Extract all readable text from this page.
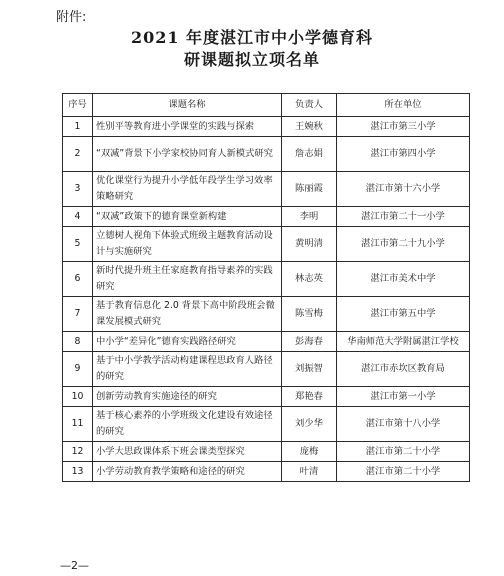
附件:
2021 年度湛江市中小学德育科
研课题拟立项名单
序号	课题名称	负责人	所在单位
1	性别平等教育进小学课堂的实践与探索	王婉秋	湛江市第三小学
2	“双减”背景下小学家校协同育人新模式研究	詹志娟	湛江市第四小学
3	优化课堂行为提升小学低年段学生学习效率策略研究	陈丽霞	湛江市第十六小学
4	“双减”政策下的德育课堂新构建	李明	湛江市第二十一小学
5	立德树人视角下体验式班级主题教育活动设计与实施研究	黄明清	湛江市第二十九小学
6	新时代提升班主任家庭教育指导素养的实践研究	林志英	湛江市美术中学
7	基于教育信息化 2.0 背景下高中阶段班会微课发展模式研究	陈雪梅	湛江市第五中学
8	中小学“差异化”德育实践路径研究	彭海春	华南师范大学附属湛江学校
9	基于中小学教学活动构建课程思政育人路径的研究	刘振智	湛江市赤坎区教育局
10	创新劳动教育实施途径的研究	郑艳春	湛江市第一小学
11	基于核心素养的小学班级文化建设有效途径的研究	刘少华	湛江市第十八小学
12	小学大思政课体系下班会课类型探究	庞梅	湛江市第二十小学
13	小学劳动教育教学策略和途径的研究	叶清	湛江市第二十小学
—2—
